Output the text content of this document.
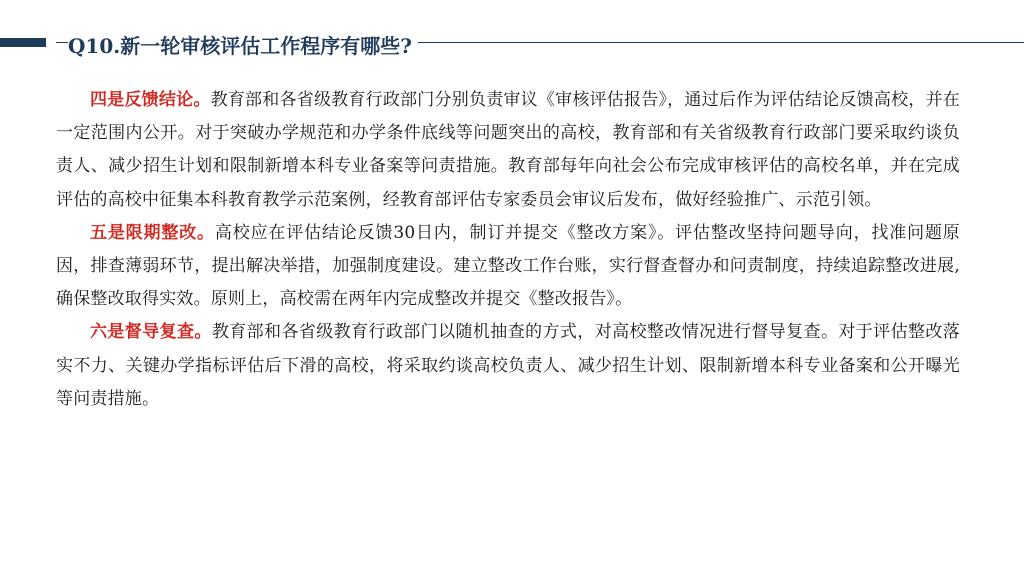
Q10.新一轮审核评估工作程序有哪些?

四是反馈结论。教育部和各省级教育行政部门分别负责审议《审核评估报告》，通过后作为评估结论反馈高校，并在一定范围内公开。对于突破办学规范和办学条件底线等问题突出的高校，教育部和有关省级教育行政部门要采取约谈负责人、减少招生计划和限制新增本科专业备案等问责措施。教育部每年向社会公布完成审核评估的高校名单，并在完成评估的高校中征集本科教育教学示范案例，经教育部评估专家委员会审议后发布，做好经验推广、示范引领。

五是限期整改。高校应在评估结论反馈30日内，制订并提交《整改方案》。评估整改坚持问题导向，找准问题原因，排查薄弱环节，提出解决举措，加强制度建设。建立整改工作台账，实行督查督办和问责制度，持续追踪整改进展,确保整改取得实效。原则上，高校需在两年内完成整改并提交《整改报告》。

六是督导复查。教育部和各省级教育行政部门以随机抽查的方式，对高校整改情况进行督导复查。对于评估整改落实不力、关键办学指标评估后下滑的高校，将采取约谈高校负责人、减少招生计划、限制新增本科专业备案和公开曝光等问责措施。
